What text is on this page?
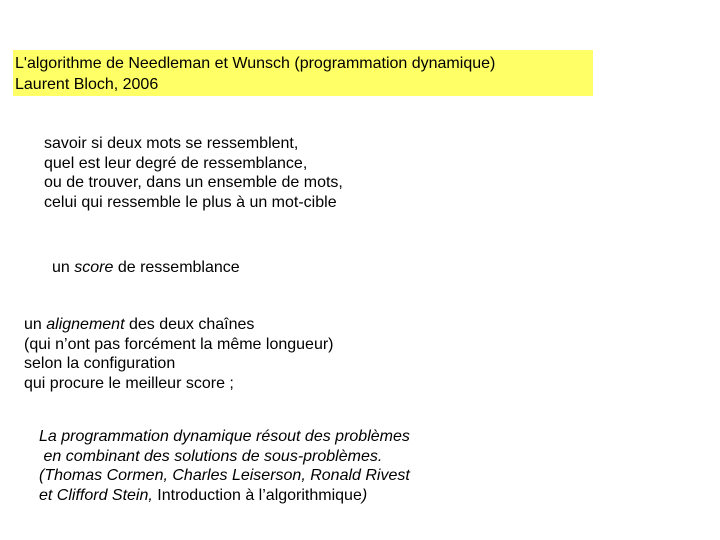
L'algorithme de Needleman et Wunsch (programmation dynamique)
Laurent Bloch, 2006
savoir si deux mots se ressemblent,
quel est leur degré de ressemblance,
ou de trouver, dans un ensemble de mots,
celui qui ressemble le plus à un mot-cible
un score de ressemblance
un alignement des deux chaînes
(qui n’ont pas forcément la même longueur)
selon la configuration
qui procure le meilleur score ;
La programmation dynamique résout des problèmes
en combinant des solutions de sous-problèmes.
(Thomas Cormen, Charles Leiserson, Ronald Rivest
et Clifford Stein, Introduction à l’algorithmique)
